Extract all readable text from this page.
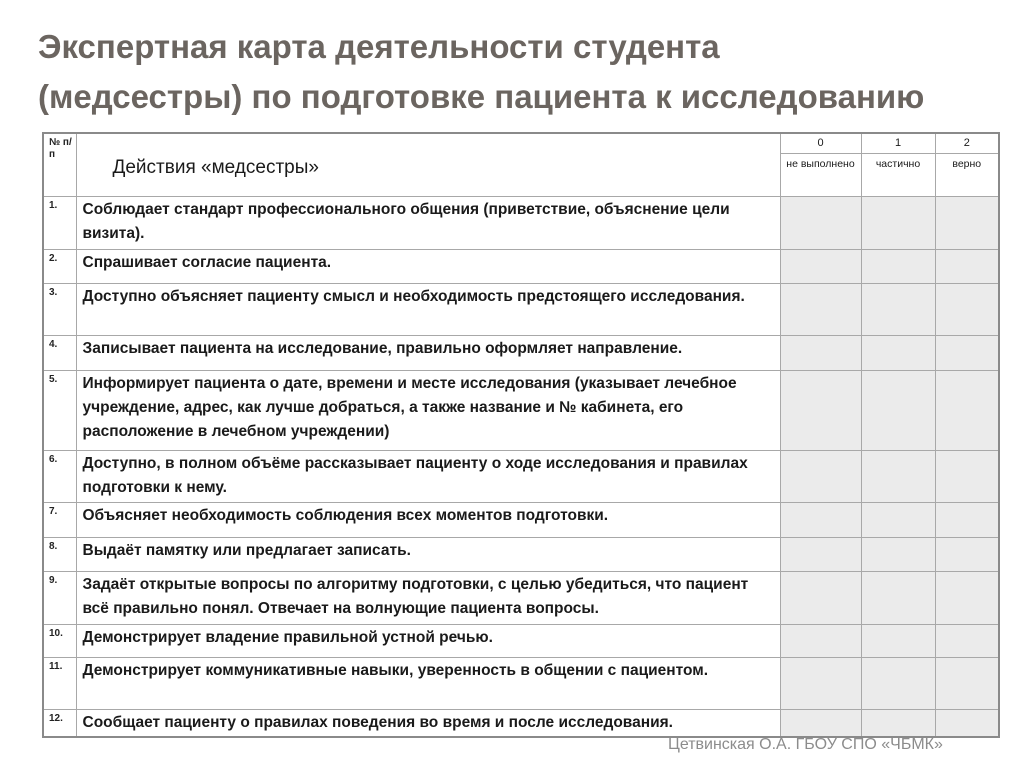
Экспертная карта деятельности студента
(медсестры) по подготовке пациента к исследованию
№ п/п	Действия «медсестры»	0	1	2
		не выполнено	частично	верно
1.	Соблюдает стандарт профессионального общения (приветствие, объяснение цели визита).			
2.	Спрашивает согласие пациента.			
3.	Доступно объясняет пациенту смысл и необходимость предстоящего исследования.			
4.	Записывает пациента на исследование, правильно оформляет направление.			
5.	Информирует пациента о дате, времени и месте исследования (указывает лечебное учреждение, адрес, как лучше добраться, а также название и № кабинета, его расположение в лечебном учреждении)			
6.	Доступно, в полном объёме рассказывает пациенту о ходе исследования и правилах подготовки к нему.			
7.	Объясняет необходимость соблюдения всех моментов подготовки.			
8.	Выдаёт памятку или предлагает записать.			
9.	Задаёт открытые вопросы по алгоритму подготовки, с целью убедиться, что пациент всё правильно понял. Отвечает на волнующие пациента вопросы.			
10.	Демонстрирует владение правильной устной речью.			
11.	Демонстрирует коммуникативные навыки, уверенность в общении с пациентом.			
12.	Сообщает пациенту о правилах поведения во время и после исследования.			
Цетвинская О.А. ГБОУ СПО «ЧБМК»
